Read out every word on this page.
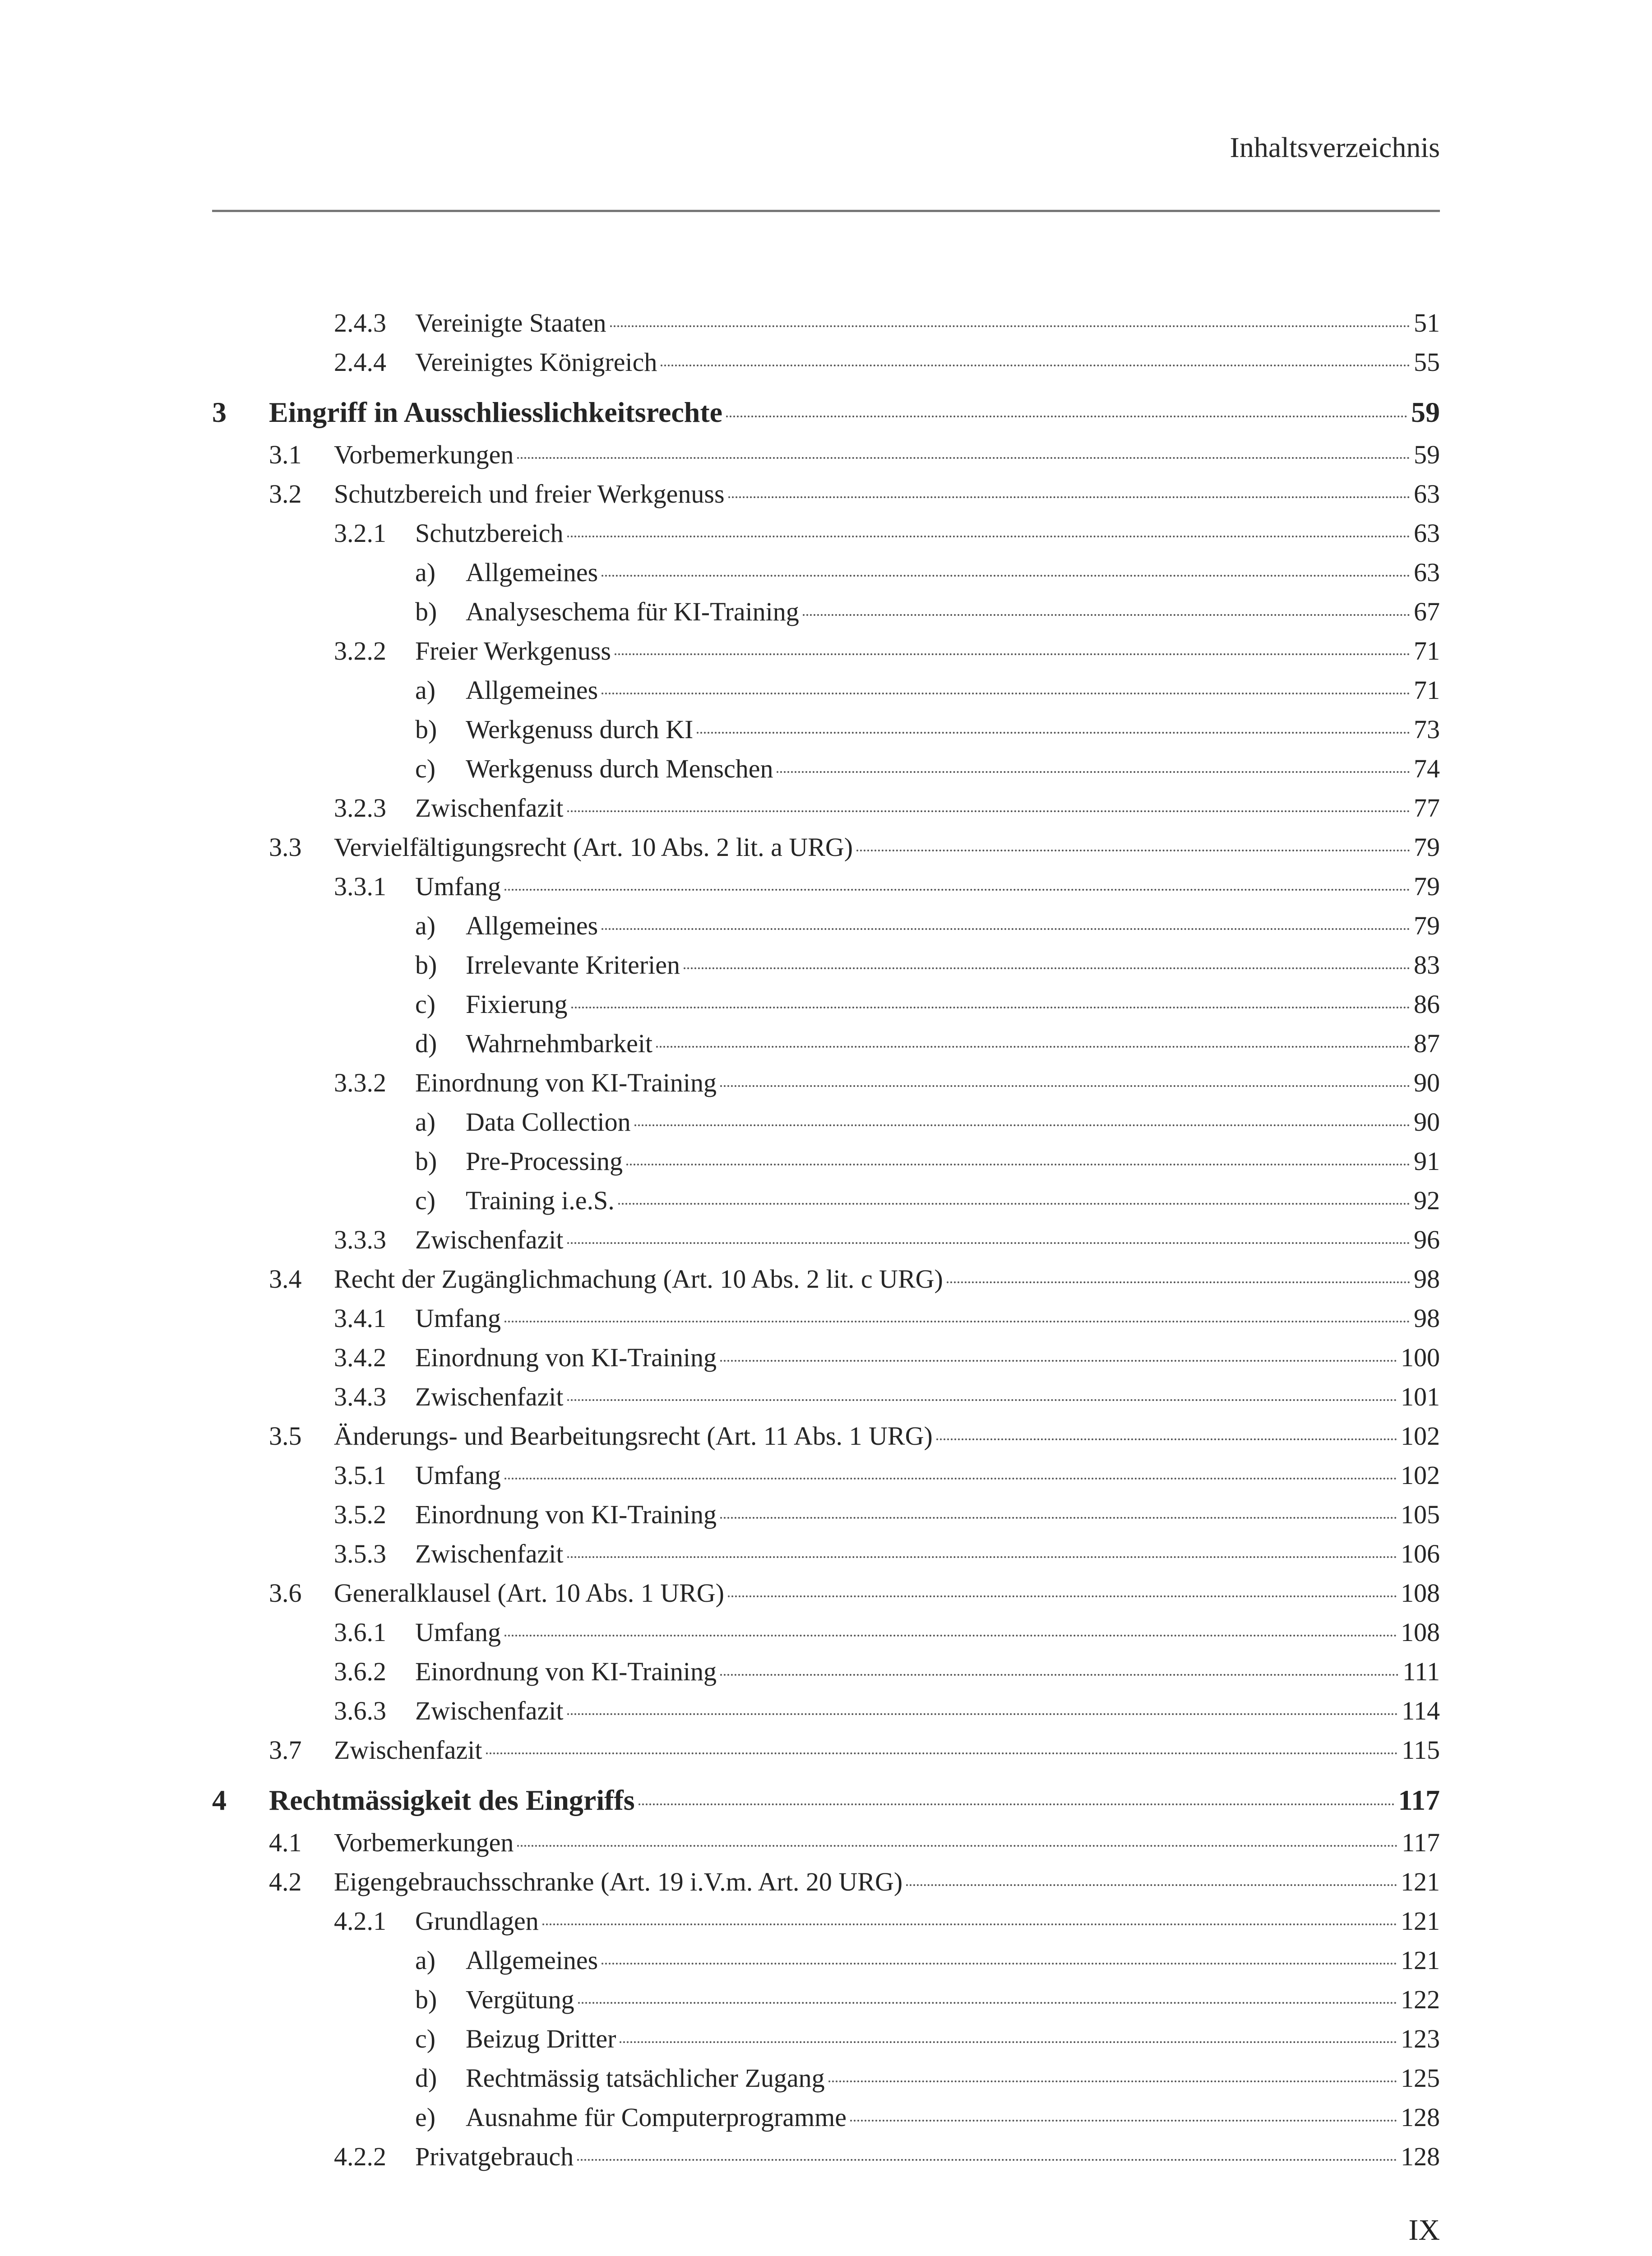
Inhaltsverzeichnis
2.4.3 Vereinigte Staaten	51
2.4.4 Vereinigtes Königreich	55
3 Eingriff in Ausschliesslichkeitsrechte	59
3.1 Vorbemerkungen	59
3.2 Schutzbereich und freier Werkgenuss	63
3.2.1 Schutzbereich	63
a) Allgemeines	63
b) Analyseschema für KI-Training	67
3.2.2 Freier Werkgenuss	71
a) Allgemeines	71
b) Werkgenuss durch KI	73
c) Werkgenuss durch Menschen	74
3.2.3 Zwischenfazit	77
3.3 Vervielfältigungsrecht (Art. 10 Abs. 2 lit. a URG)	79
3.3.1 Umfang	79
a) Allgemeines	79
b) Irrelevante Kriterien	83
c) Fixierung	86
d) Wahrnehmbarkeit	87
3.3.2 Einordnung von KI-Training	90
a) Data Collection	90
b) Pre-Processing	91
c) Training i.e.S.	92
3.3.3 Zwischenfazit	96
3.4 Recht der Zugänglichmachung (Art. 10 Abs. 2 lit. c URG)	98
3.4.1 Umfang	98
3.4.2 Einordnung von KI-Training	100
3.4.3 Zwischenfazit	101
3.5 Änderungs- und Bearbeitungsrecht (Art. 11 Abs. 1 URG)	102
3.5.1 Umfang	102
3.5.2 Einordnung von KI-Training	105
3.5.3 Zwischenfazit	106
3.6 Generalklausel (Art. 10 Abs. 1 URG)	108
3.6.1 Umfang	108
3.6.2 Einordnung von KI-Training	111
3.6.3 Zwischenfazit	114
3.7 Zwischenfazit	115
4 Rechtmässigkeit des Eingriffs	117
4.1 Vorbemerkungen	117
4.2 Eigengebrauchsschranke (Art. 19 i.V.m. Art. 20 URG)	121
4.2.1 Grundlagen	121
a) Allgemeines	121
b) Vergütung	122
c) Beizug Dritter	123
d) Rechtmässig tatsächlicher Zugang	125
e) Ausnahme für Computerprogramme	128
4.2.2 Privatgebrauch	128
IX
